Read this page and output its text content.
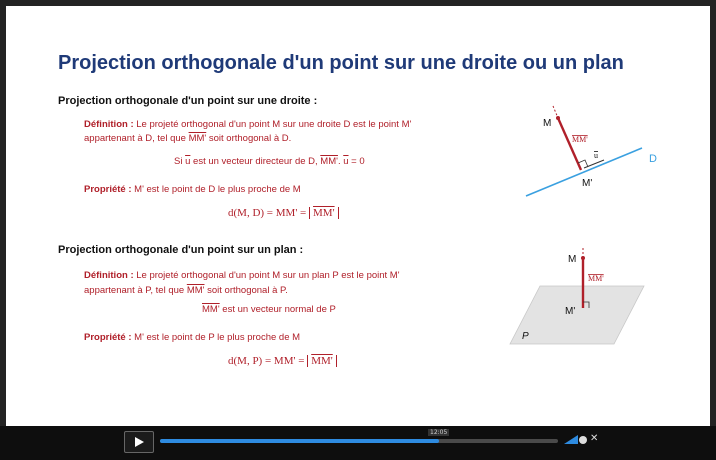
Projection orthogonale d'un point sur une droite ou un plan
Projection orthogonale d'un point sur une droite :
Définition : Le projeté orthogonal d'un point M sur une droite D est le point M'
appartenant à D, tel que MM' soit orthogonal à D.
Si $\overline{u}$ est un vecteur directeur de D, MM'. $\overline{u} = 0$
Propriété : M' est le point de D le plus proche de M
d(M, D) = MM' = MM'
Projection orthogonale d'un point sur un plan :
Définition : Le projeté orthogonal d'un point M sur un plan P est le point M'
appartenant à P, tel que MM' soit orthogonal à P.
MM' est un vecteur normal de P
Propriété : M' est le point de P le plus proche de M
d(M, P) = MM' = MM'
M
MM'
u
M'
D
M
MM'
M'
P
12:05
✕
